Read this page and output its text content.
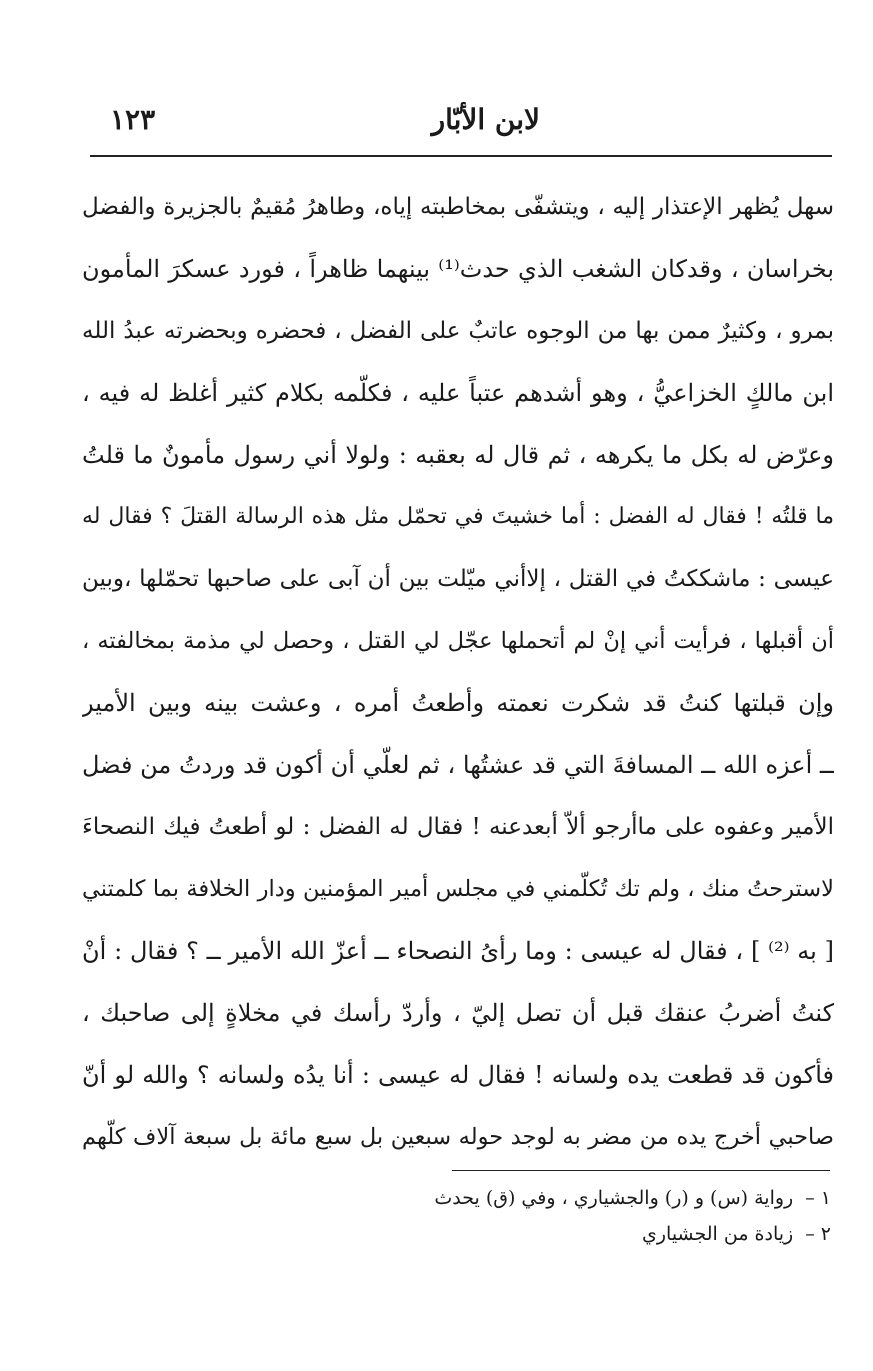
لابن الأبّار
١٢٣
سهل يُظهر الإعتذار إليه ، ويتشفّى بمخاطبته إياه، وطاهرُ مُقيمٌ بالجزيرة والفضل
بخراسان ، وقدكان الشغب الذي حدث⁽¹⁾ بينهما ظاهراً ، فورد عسكرَ المأمون
بمرو ، وكثيرٌ ممن بها من الوجوه عاتبٌ على الفضل ، فحضره وبحضرته عبدُ الله
ابن مالكٍ الخزاعيُّ ، وهو أشدهم عتباً عليه ، فكلّمه بكلام كثير أغلظ له فيه ،
وعرّض له بكل ما يكرهه ، ثم قال له بعقبه : ولولا أني رسول مأمونٌ ما قلتُ
ما قلتُه ! فقال له الفضل : أما خشيتَ في تحمّل مثل هذه الرسالة القتلَ ؟ فقال له
عيسى : ماشككتُ في القتل ، إلاأني ميّلت بين أن آبى على صاحبها تحمّلها ،وبين
أن أقبلها ، فرأيت أني إنْ لم أتحملها عجّل لي القتل ، وحصل لي مذمة بمخالفته ،
وإن قبلتها كنتُ قد شكرت نعمته وأطعتُ أمره ، وعشت بينه وبين الأمير
ــ أعزه الله ــ المسافةَ التي قد عشتُها ، ثم لعلّي أن أكون قد وردتُ من فضل
الأمير وعفوه على ماأرجو ألاّ أبعدعنه ! فقال له الفضل : لو أطعتُ فيك النصحاءَ
لاسترحتُ منك ، ولم تك تُكلّمني في مجلس أمير المؤمنين ودار الخلافة بما كلمتني
[ به ⁽²⁾ ] ، فقال له عيسى : وما رأىُ النصحاء ــ أعزّ الله الأمير ــ ؟ فقال : أنْ
كنتُ أضربُ عنقك قبل أن تصل إليّ ، وأردّ رأسك في مخلاةٍ إلى صاحبك ،
فأكون قد قطعت يده ولسانه ! فقال له عيسى : أنا يدُه ولسانه ؟ والله لو أنّ
صاحبي أخرج يده من مضر به لوجد حوله سبعين بل سبع مائة بل سبعة آلاف كلّهم
١ –رواية (س) و (ر) والجشياري ، وفي (ق) يحدث
٢ –زيادة من الجشياري
